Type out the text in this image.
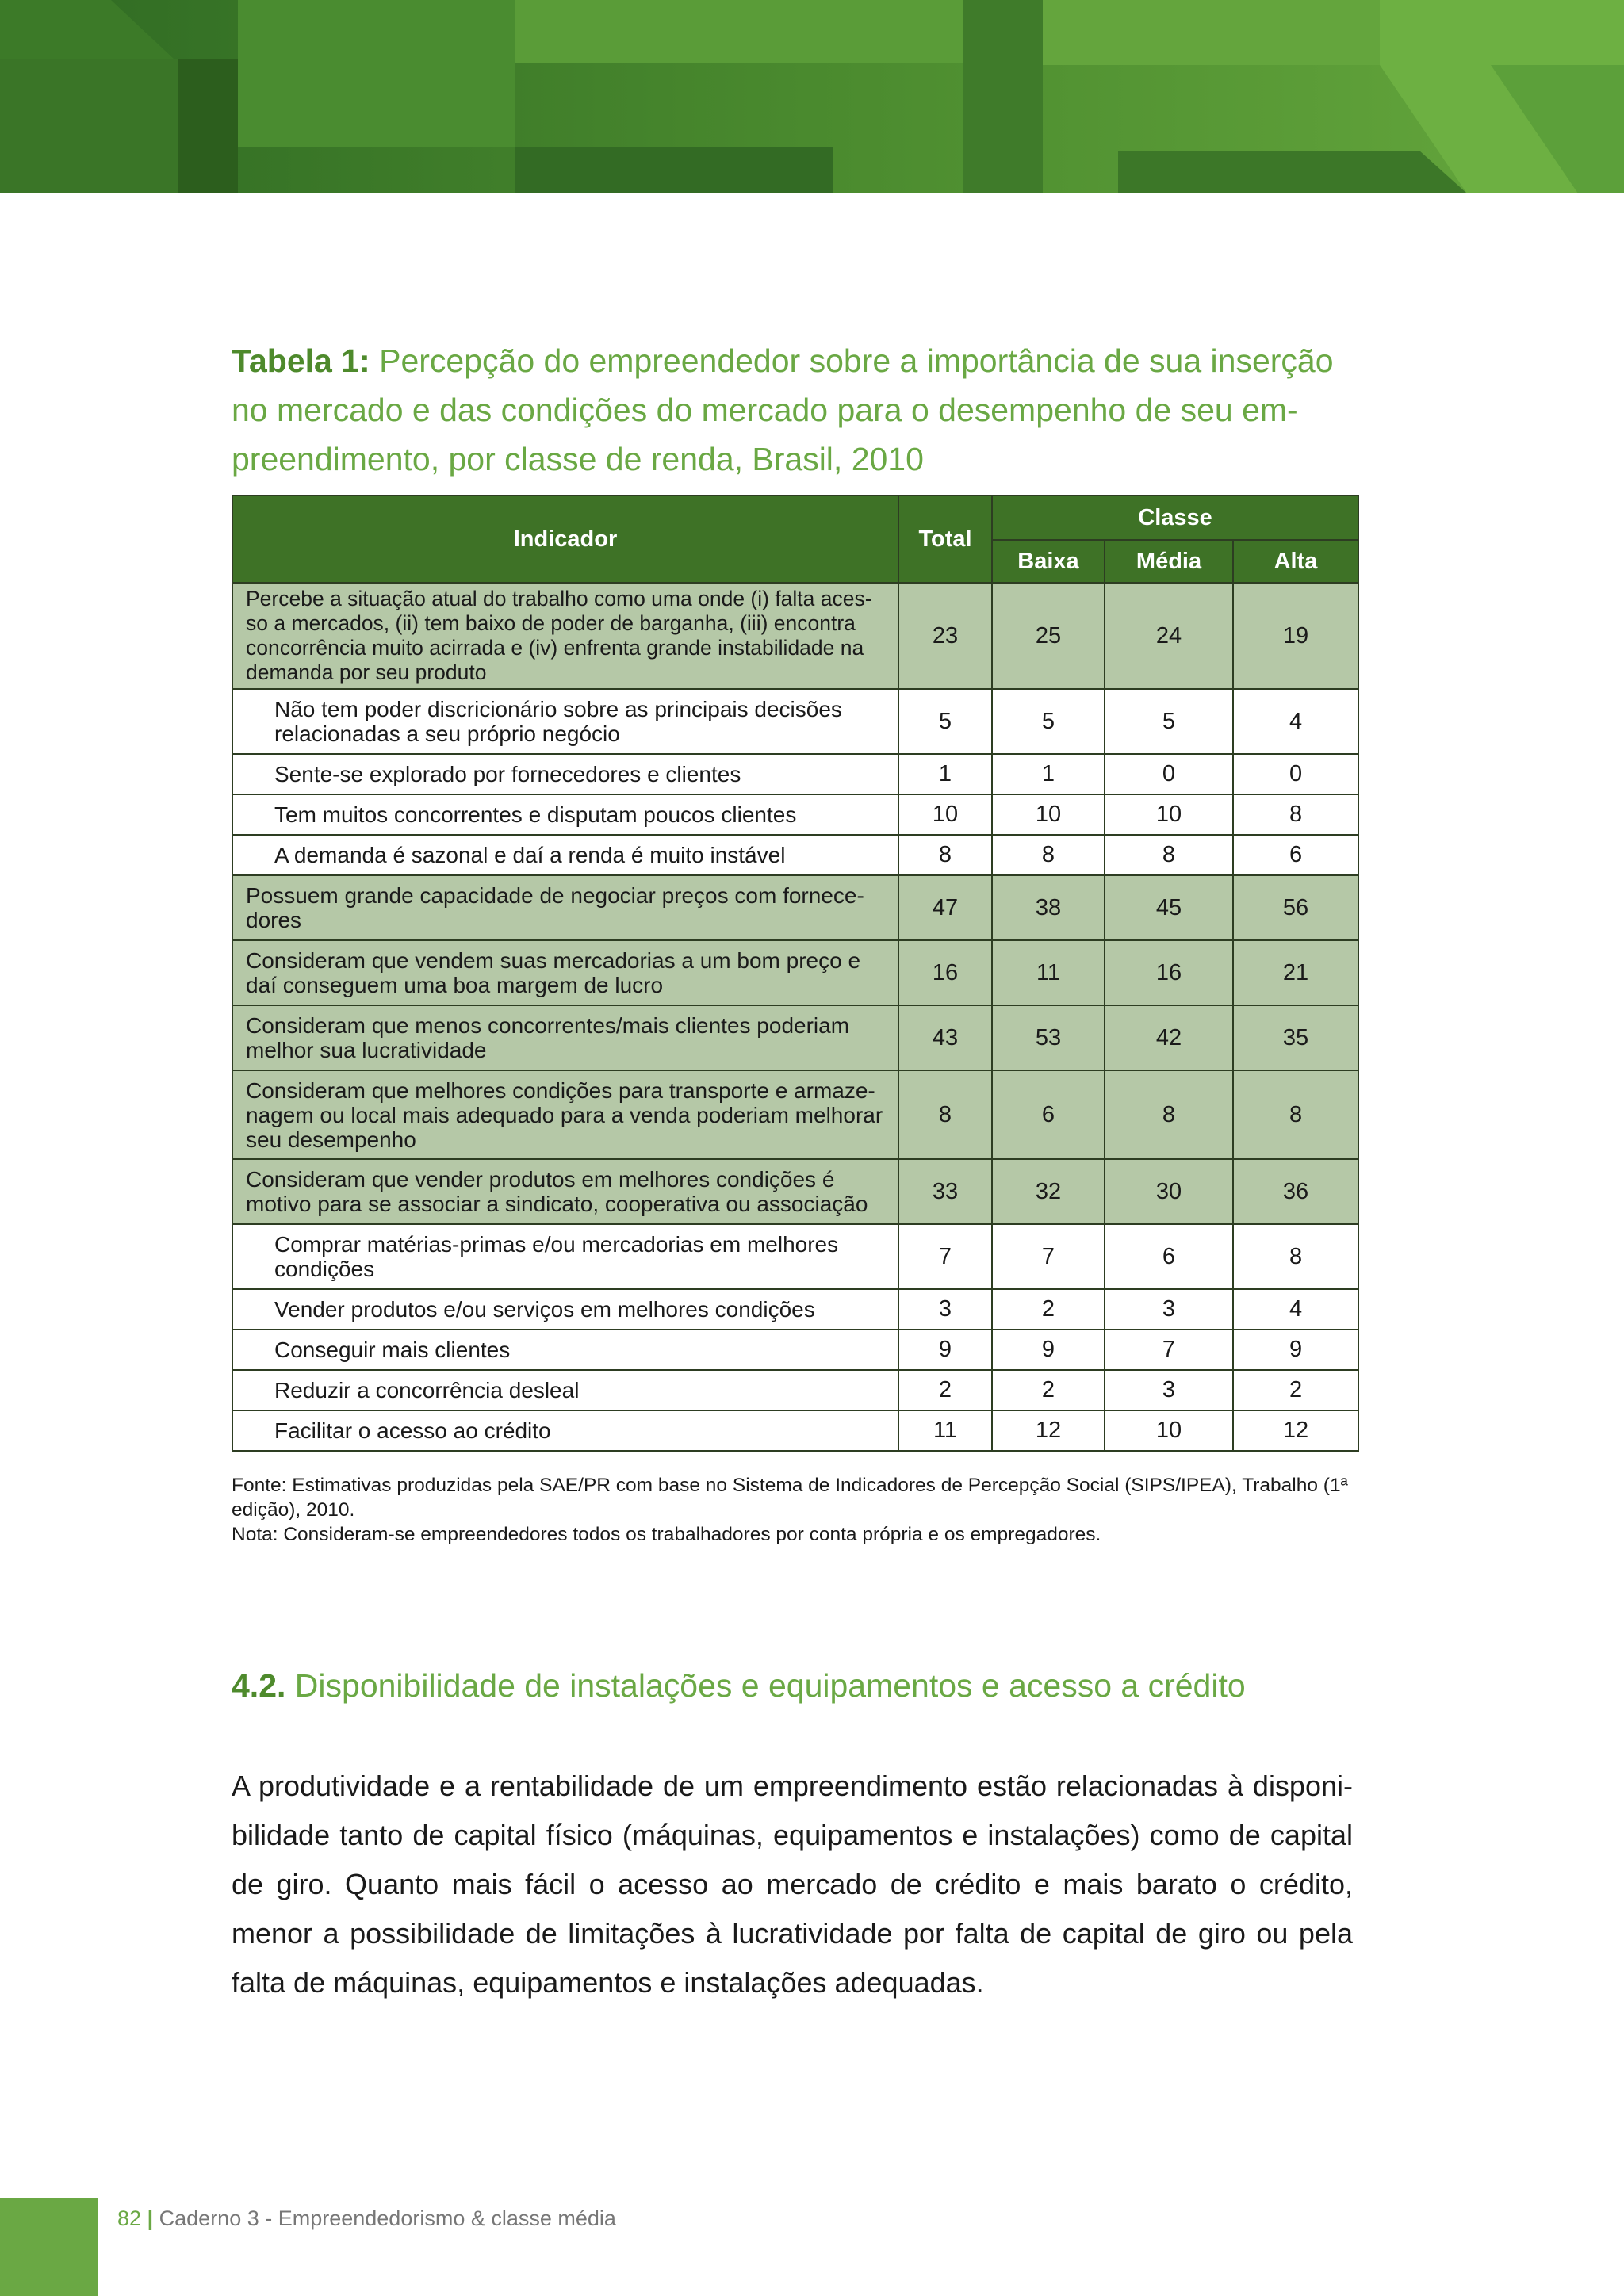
Tabela 1: Percepção do empreendedor sobre a importância de sua inserção no mercado e das condições do mercado para o desempenho de seu em-preendimento, por classe de renda, Brasil, 2010
Indicador	Total	Classe		
		Baixa	Média	Alta
Percebe a situação atual do trabalho como uma onde (i) falta aces-so a mercados, (ii) tem baixo de poder de barganha, (iii) encontra concorrência muito acirrada e (iv) enfrenta grande instabilidade na demanda por seu produto	23	25	24	19
Não tem poder discricionário sobre as principais decisões relacionadas a seu próprio negócio	5	5	5	4
Sente-se explorado por fornecedores e clientes	1	1	0	0
Tem muitos concorrentes e disputam poucos clientes	10	10	10	8
A demanda é sazonal e daí a renda é muito instável	8	8	8	6
Possuem grande capacidade de negociar preços com fornece-dores	47	38	45	56
Consideram que vendem suas mercadorias a um bom preço e daí conseguem uma boa margem de lucro	16	11	16	21
Consideram que menos concorrentes/mais clientes poderiam melhor sua lucratividade	43	53	42	35
Consideram que melhores condições para transporte e armaze-nagem ou local mais adequado para a venda poderiam melhorar seu desempenho	8	6	8	8
Consideram que vender produtos em melhores condições é motivo para se associar a sindicato, cooperativa ou associação	33	32	30	36
Comprar matérias-primas e/ou mercadorias em melhores condições	7	7	6	8
Vender produtos e/ou serviços em melhores condições	3	2	3	4
Conseguir mais clientes	9	9	7	9
Reduzir a concorrência desleal	2	2	3	2
Facilitar o acesso ao crédito	11	12	10	12
Fonte: Estimativas produzidas pela SAE/PR com base no Sistema de Indicadores de Percepção Social (SIPS/IPEA), Trabalho (1ª edição), 2010.
Nota: Consideram-se empreendedores todos os trabalhadores por conta própria e os empregadores.
4.2. Disponibilidade de instalações e equipamentos e acesso a crédito
A produtividade e a rentabilidade de um empreendimento estão relacionadas à disponi-bilidade tanto de capital físico (máquinas, equipamentos e instalações) como de capital de giro. Quanto mais fácil o acesso ao mercado de crédito e mais barato o crédito, menor a possibilidade de limitações à lucratividade por falta de capital de giro ou pela falta de máquinas, equipamentos e instalações adequadas.
82 | Caderno 3 - Empreendedorismo & classe média
